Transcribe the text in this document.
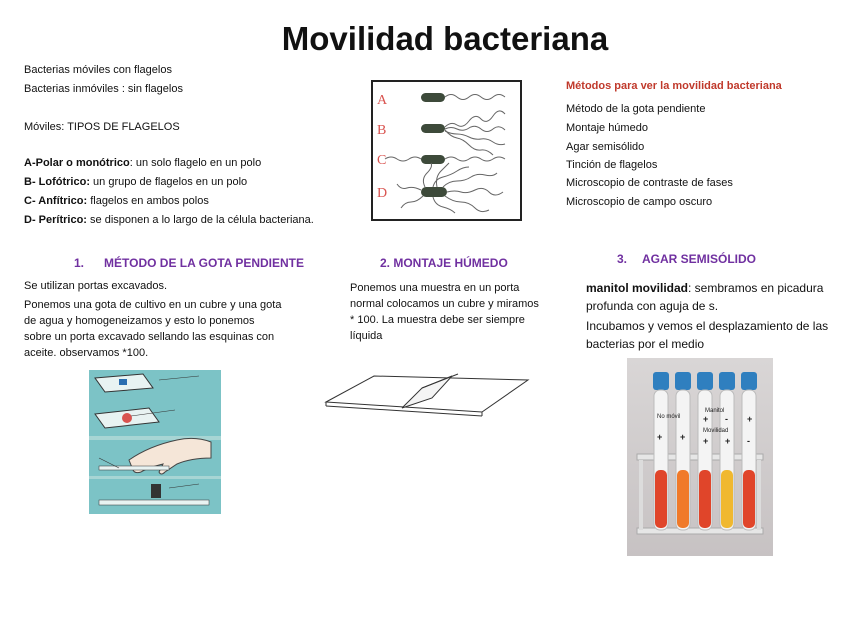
Movilidad bacteriana
Bacterias móviles con flagelos
Bacterias inmóviles : sin flagelos
Móviles: TIPOS DE FLAGELOS
A-Polar o monótrico: un solo flagelo en un polo
B- Lofótrico: un grupo de flagelos en un polo
C- Anfítrico: flagelos en ambos polos
D- Perítrico: se disponen a lo largo de la célula bacteriana.
A
B
C
D
Métodos para ver la movilidad bacteriana
Método de la gota pendiente
Montaje húmedo
Agar semisólido
Tinción de flagelos
Microscopio de contraste de fases
Microscopio de campo oscuro
1. MÉTODO DE LA GOTA PENDIENTE
Se utilizan portas excavados.
Ponemos una gota de cultivo en un cubre y una gota de agua y homogeneizamos y esto lo ponemos sobre un porta excavado sellando las esquinas con aceite. observamos *100.
2. MONTAJE HÚMEDO
Ponemos una muestra en un porta normal colocamos un cubre y miramos * 100. La muestra debe ser siempre líquida
3. AGAR SEMISÓLIDO
manitol movilidad: sembramos en picadura profunda con aguja de s.
Incubamos y vemos el desplazamiento de las bacterias por el medio
No móvil
Manitol
Movilidad
+ +
+ - +
+ + -
